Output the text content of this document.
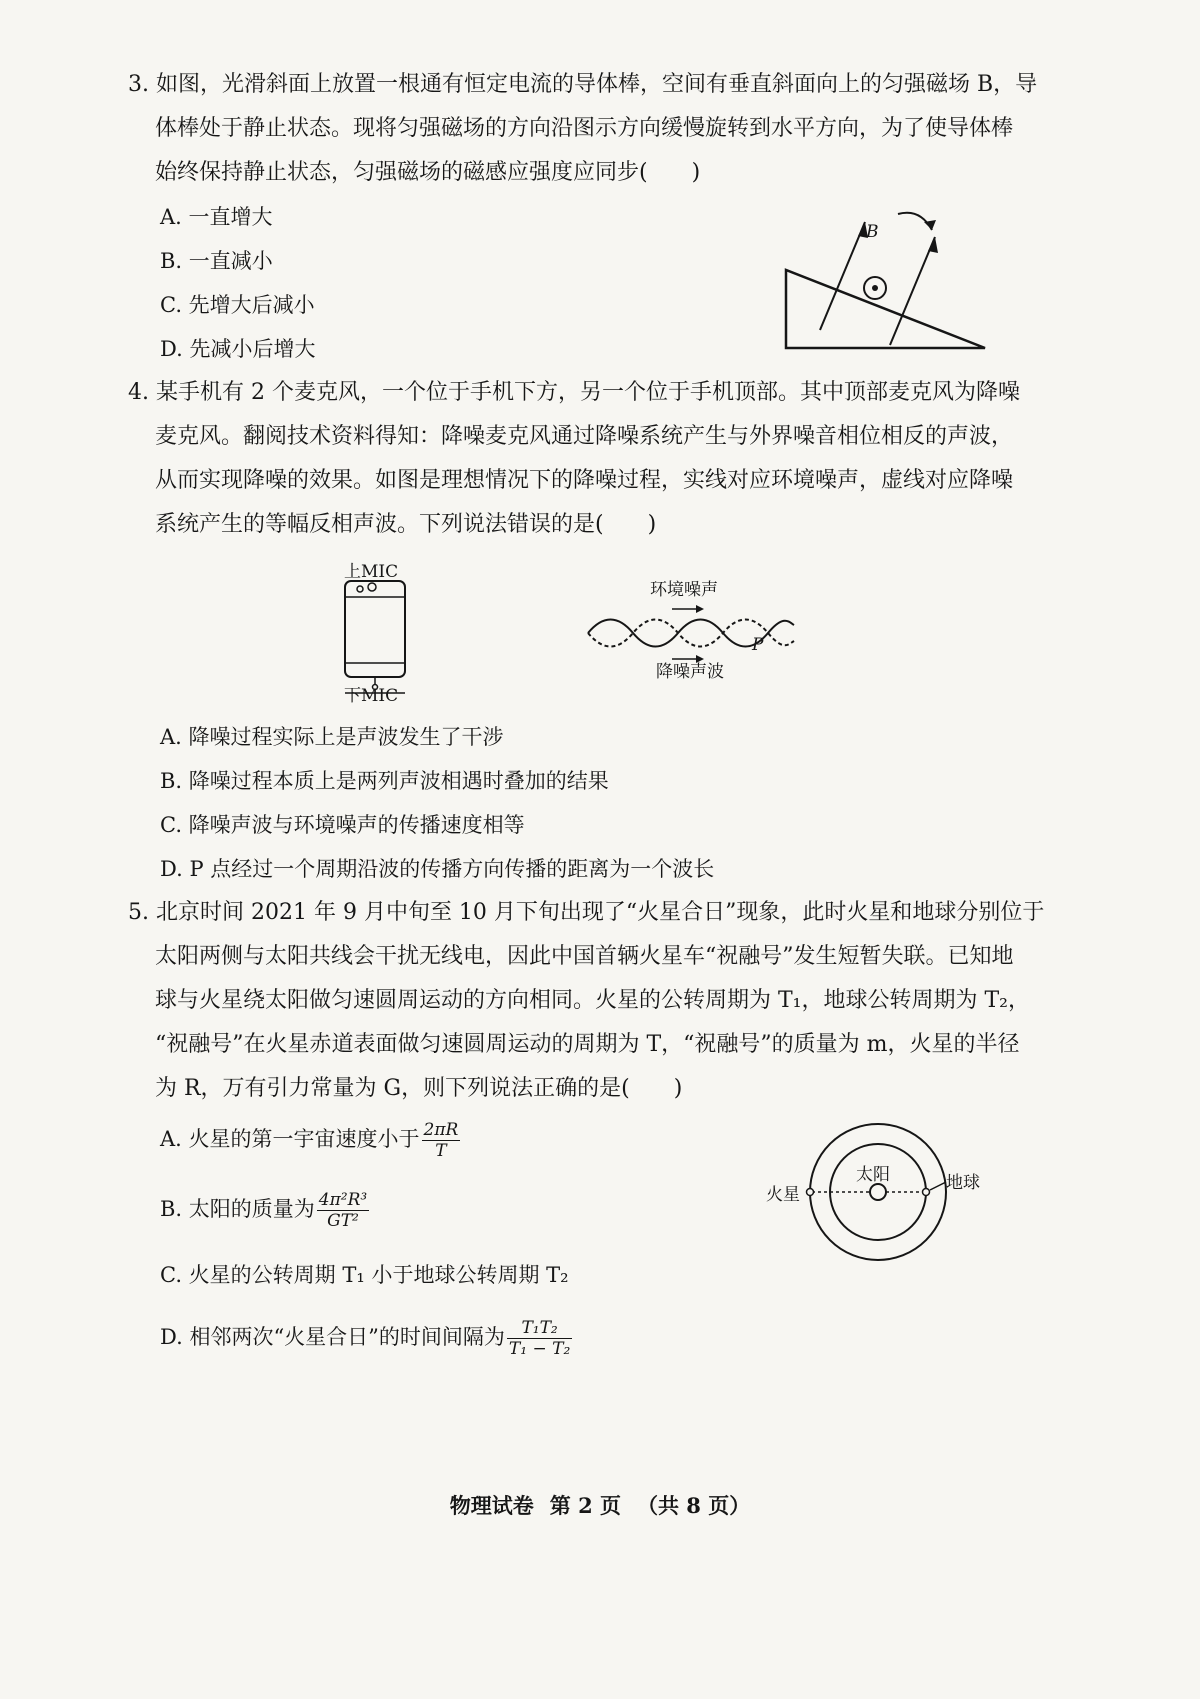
3. 如图，光滑斜面上放置一根通有恒定电流的导体棒，空间有垂直斜面向上的匀强磁场 B，导
体棒处于静止状态。现将匀强磁场的方向沿图示方向缓慢旋转到水平方向，为了使导体棒
始终保持静止状态，匀强磁场的磁感应强度应同步(　　)
A. 一直增大
B. 一直减小
C. 先增大后减小
D. 先减小后增大
B
4. 某手机有 2 个麦克风，一个位于手机下方，另一个位于手机顶部。其中顶部麦克风为降噪
麦克风。翻阅技术资料得知：降噪麦克风通过降噪系统产生与外界噪音相位相反的声波，
从而实现降噪的效果。如图是理想情况下的降噪过程，实线对应环境噪声，虚线对应降噪
系统产生的等幅反相声波。下列说法错误的是(　　)
上MIC
下MIC
环境噪声
P
降噪声波
A. 降噪过程实际上是声波发生了干涉
B. 降噪过程本质上是两列声波相遇时叠加的结果
C. 降噪声波与环境噪声的传播速度相等
D. P 点经过一个周期沿波的传播方向传播的距离为一个波长
5. 北京时间 2021 年 9 月中旬至 10 月下旬出现了“火星合日”现象，此时火星和地球分别位于
太阳两侧与太阳共线会干扰无线电，因此中国首辆火星车“祝融号”发生短暂失联。已知地
球与火星绕太阳做匀速圆周运动的方向相同。火星的公转周期为 T₁，地球公转周期为 T₂，
“祝融号”在火星赤道表面做匀速圆周运动的周期为 T，“祝融号”的质量为 m，火星的半径
为 R，万有引力常量为 G，则下列说法正确的是(　　)
A. 火星的第一宇宙速度小于 $\frac{2\pi R}{T}$
B. 太阳的质量为 $\frac{\text{4π²R³}}{\text{GT²}}$
C. 火星的公转周期 T₁ 小于地球公转周期 T₂
D. 相邻两次“火星合日”的时间间隔为 $\frac{\text{T₁T₂}}{\text{T₁ − T₂}}$
太阳
火星
地球
物理试卷 第 2 页 （共 8 页）
